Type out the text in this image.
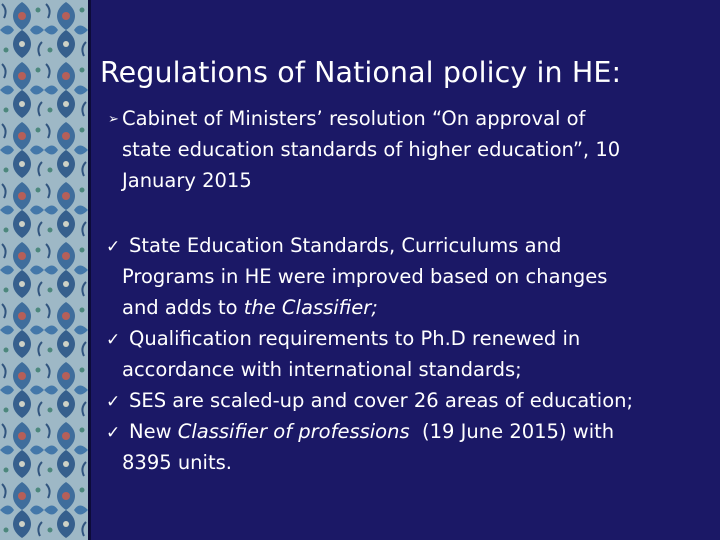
Regulations of National policy in HE:
➢ Cabinet of Ministers’ resolution “On approval of
state education standards of higher education”, 10
January 2015
✓ State Education Standards, Curriculums and
Programs in HE were improved based on changes
and adds to the Classifier;
✓ Qualification requirements to Ph.D renewed in
accordance with international standards;
✓ SES are scaled-up and cover 26 areas of education;
✓ New Classifier of professions  (19 June 2015) with
8395 units.
